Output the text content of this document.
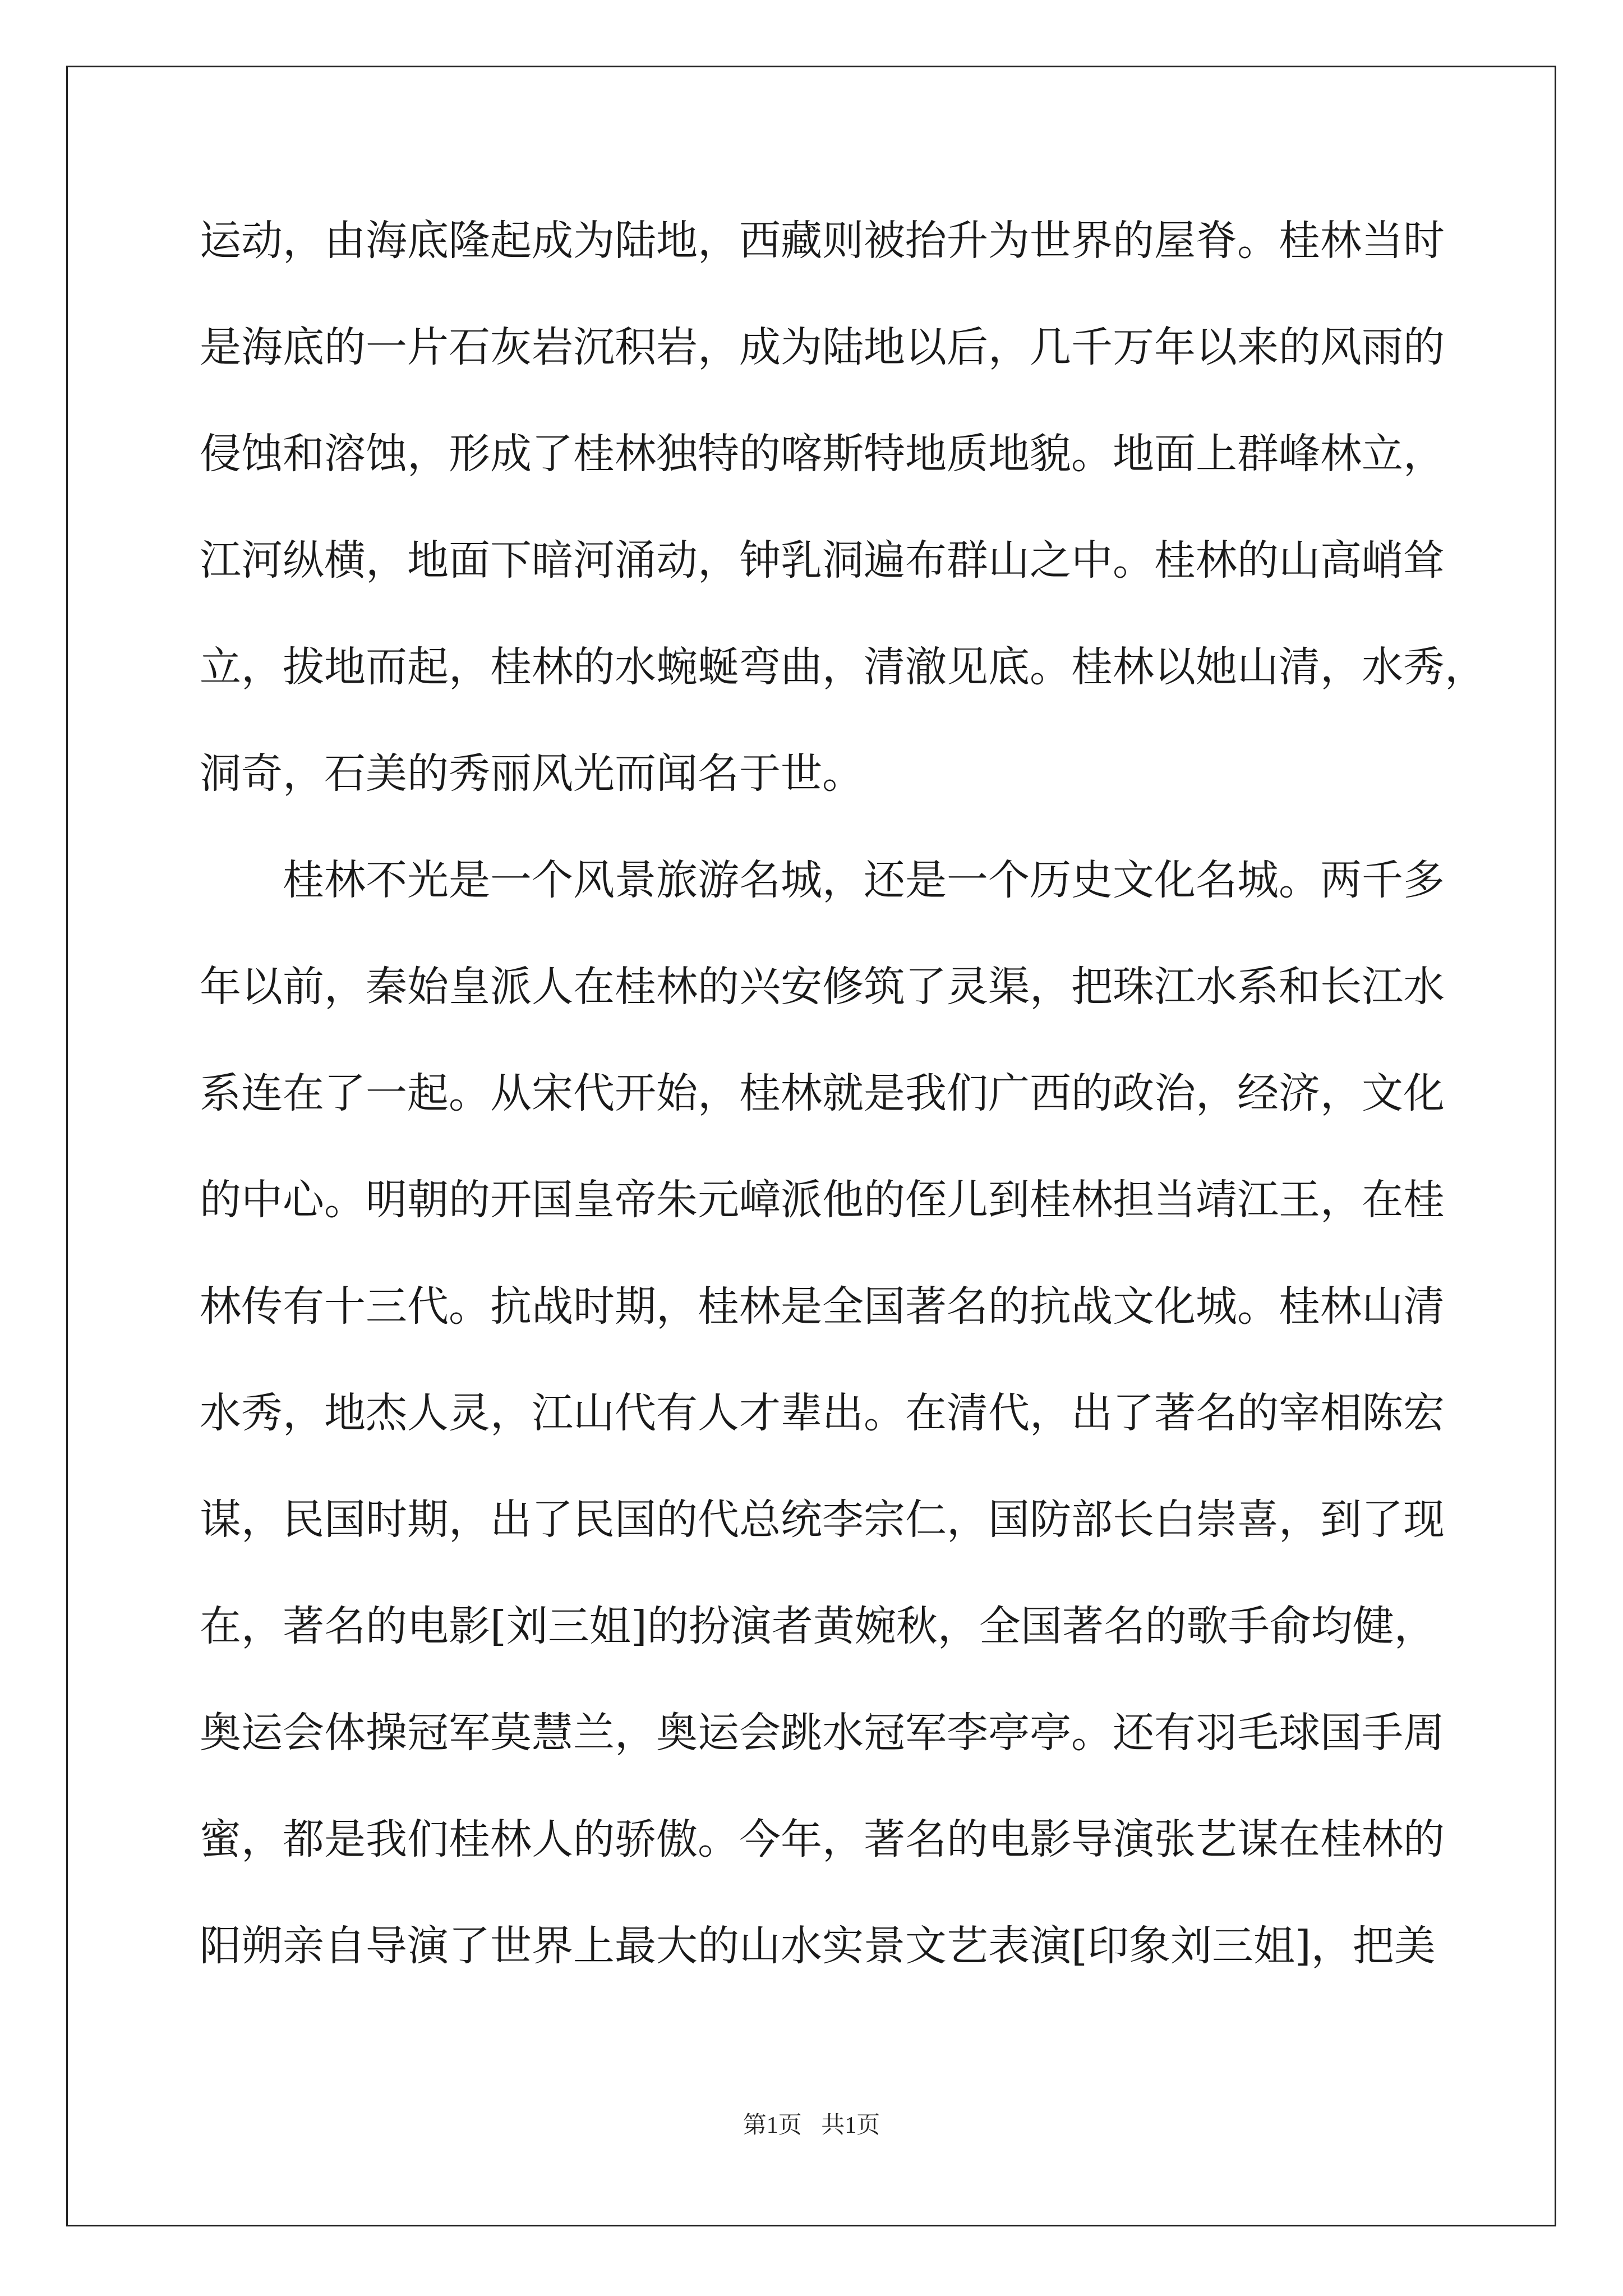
运动，由海底隆起成为陆地，西藏则被抬升为世界的屋脊。桂林当时
是海底的一片石灰岩沉积岩，成为陆地以后，几千万年以来的风雨的
侵蚀和溶蚀，形成了桂林独特的喀斯特地质地貌。地面上群峰林立，
江河纵横，地面下暗河涌动，钟乳洞遍布群山之中。桂林的山高峭耸
立，拔地而起，桂林的水蜿蜒弯曲，清澈见底。桂林以她山清，水秀，
洞奇，石美的秀丽风光而闻名于世。
　　桂林不光是一个风景旅游名城，还是一个历史文化名城。两千多
年以前，秦始皇派人在桂林的兴安修筑了灵渠，把珠江水系和长江水
系连在了一起。从宋代开始，桂林就是我们广西的政治，经济，文化
的中心。明朝的开国皇帝朱元嶂派他的侄儿到桂林担当靖江王，在桂
林传有十三代。抗战时期，桂林是全国著名的抗战文化城。桂林山清
水秀，地杰人灵，江山代有人才辈出。在清代，出了著名的宰相陈宏
谋，民国时期，出了民国的代总统李宗仁，国防部长白崇喜，到了现
在，著名的电影[刘三姐]的扮演者黄婉秋，全国著名的歌手俞均健，
奥运会体操冠军莫慧兰，奥运会跳水冠军李亭亭。还有羽毛球国手周
蜜，都是我们桂林人的骄傲。今年，著名的电影导演张艺谋在桂林的
阳朔亲自导演了世界上最大的山水实景文艺表演[印象刘三姐]，把美
第1页 共1页
